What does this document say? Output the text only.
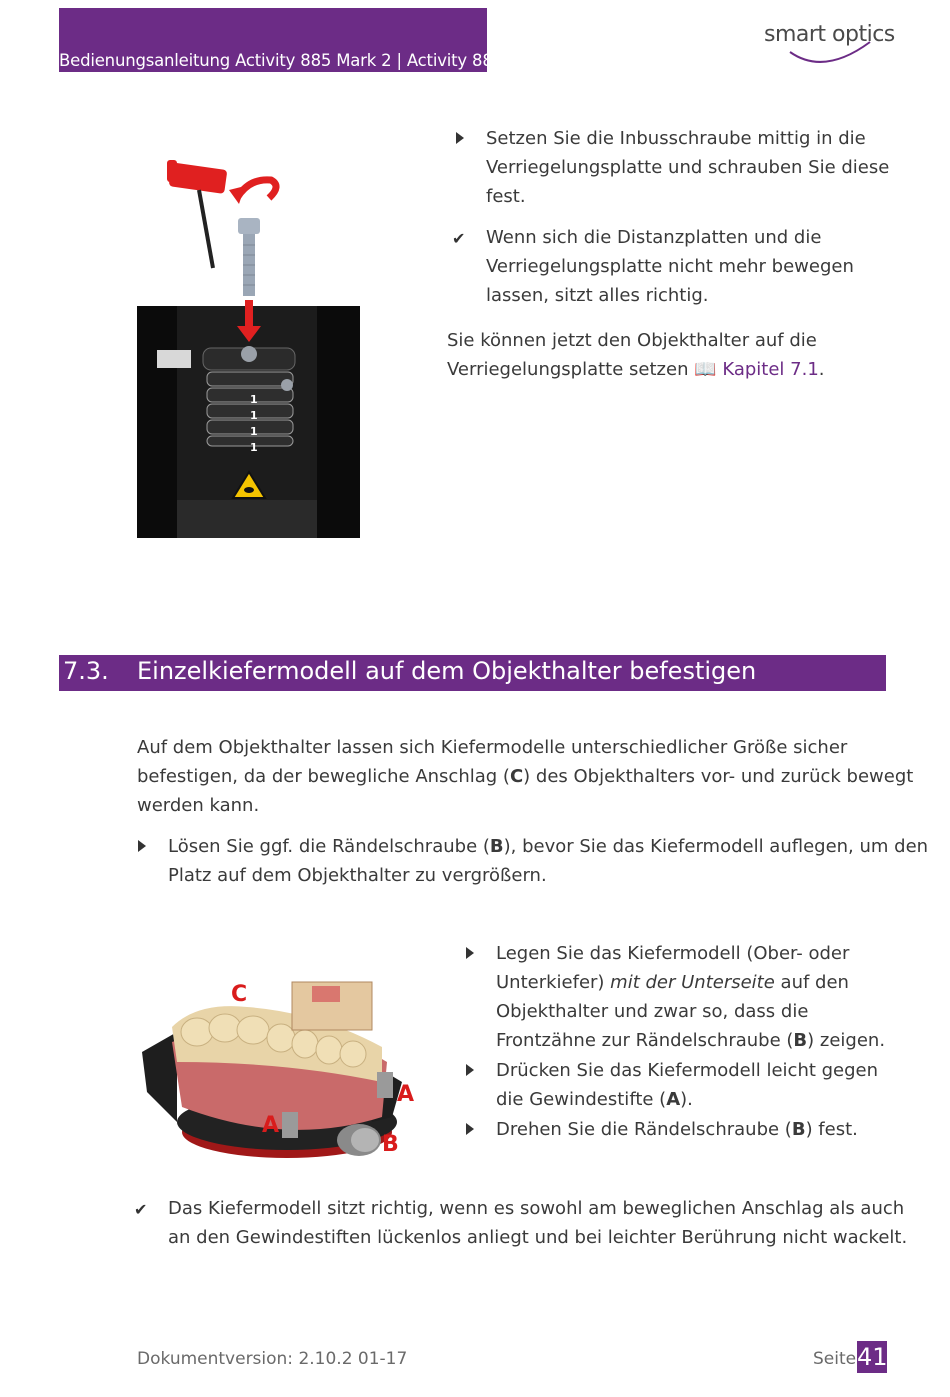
Bedienungsanleitung Activity 885 Mark 2 | Activity 888
smart optics
1
1
1
1
Setzen Sie die Inbusschraube mittig in die
Verriegelungsplatte und schrauben Sie diese
fest.
✔ Wenn sich die Distanzplatten und die
Verriegelungsplatte nicht mehr bewegen
lassen, sitzt alles richtig.
Sie können jetzt den Objekthalter auf die
Verriegelungsplatte setzen 📖 Kapitel 7.1.
7.3. Einzelkiefermodell auf dem Objekthalter befestigen
Auf dem Objekthalter lassen sich Kiefermodelle unterschiedlicher Größe sicher
befestigen, da der bewegliche Anschlag (C) des Objekthalters vor- und zurück bewegt
werden kann.
Lösen Sie ggf. die Rändelschraube (B), bevor Sie das Kiefermodell auflegen, um den
Platz auf dem Objekthalter zu vergrößern.
C
A
A
B
Legen Sie das Kiefermodell (Ober- oder
Unterkiefer) mit der Unterseite auf den
Objekthalter und zwar so, dass die
Frontzähne zur Rändelschraube (B) zeigen.
Drücken Sie das Kiefermodell leicht gegen
die Gewindestifte (A).
Drehen Sie die Rändelschraube (B) fest.
✔ Das Kiefermodell sitzt richtig, wenn es sowohl am beweglichen Anschlag als auch
an den Gewindestiften lückenlos anliegt und bei leichter Berührung nicht wackelt.
Dokumentversion: 2.10.2 01-17	Seite 41
